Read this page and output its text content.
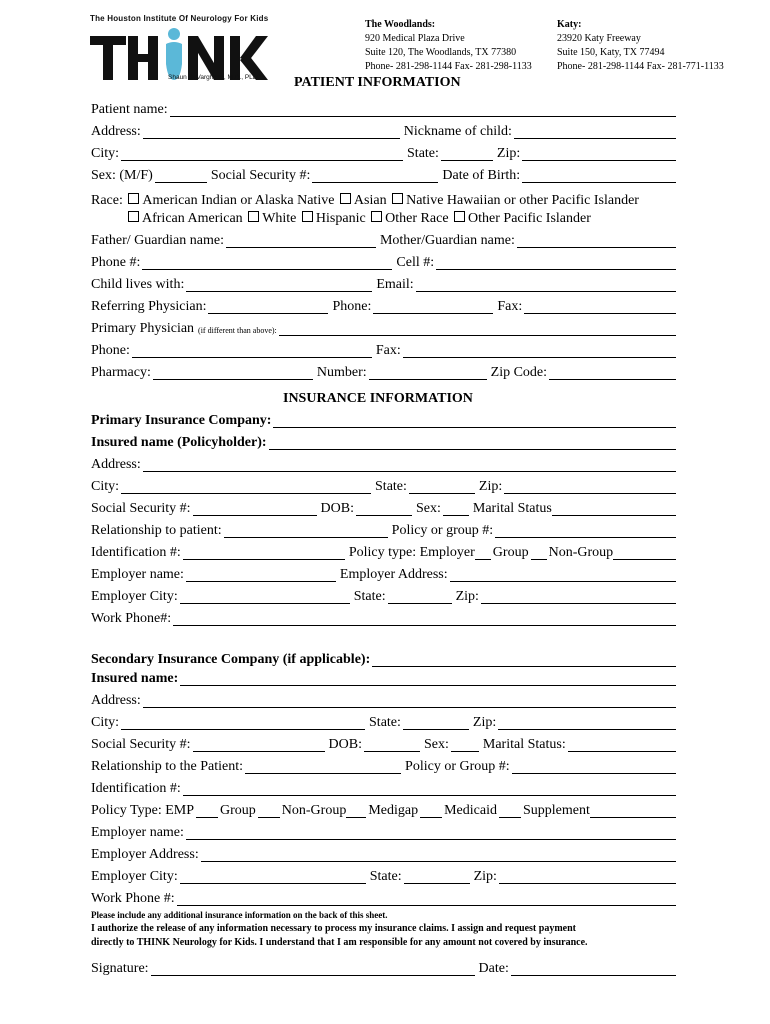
The Houston Institute Of Neurology For Kids
Shaun S. Varghese, M.D., PLLC
The Woodlands:
920 Medical Plaza Drive
Suite 120, The Woodlands, TX 77380
Phone- 281-298-1144 Fax- 281-298-1133
Katy:
23920 Katy Freeway
Suite 150, Katy, TX 77494
Phone- 281-298-1144 Fax- 281-771-1133
PATIENT INFORMATION
Patient name:
Address:	Nickname of child:
City:	State:	Zip:
Sex: (M/F)	Social Security #:	Date of Birth:
Race: American Indian or Alaska Native Asian Native Hawaiian or other Pacific Islander
African American White Hispanic Other Race Other Pacific Islander
Father/ Guardian name:	Mother/Guardian name:
Phone #:	Cell #:
Child lives with:	Email:
Referring Physician:	Phone:	Fax:
Primary Physician (if different than above):
Phone:	Fax:
Pharmacy:	Number:	Zip Code:
INSURANCE INFORMATION
Primary Insurance Company:
Insured name (Policyholder):
Address:
City:	State:	Zip:
Social Security #:	DOB:	Sex: Marital Status
Relationship to patient:	Policy or group #:
Identification #:	Policy type: Employer Group Non-Group
Employer name:	Employer Address:
Employer City:	State:	Zip:
Work Phone#:
Secondary Insurance Company (if applicable):
Insured name:
Address:
City:	State:	Zip:
Social Security #:	DOB:	Sex: Marital Status:
Relationship to the Patient:	Policy or Group #:
Identification #:
Policy Type: EMP Group Non-Group Medigap Medicaid Supplement
Employer name:
Employer Address:
Employer City:	State:	Zip:
Work Phone #:
Please include any additional insurance information on the back of this sheet.
I authorize the release of any information necessary to process my insurance claims. I assign and request payment
directly to THINK Neurology for Kids. I understand that I am responsible for any amount not covered by insurance.
Signature:	Date:
